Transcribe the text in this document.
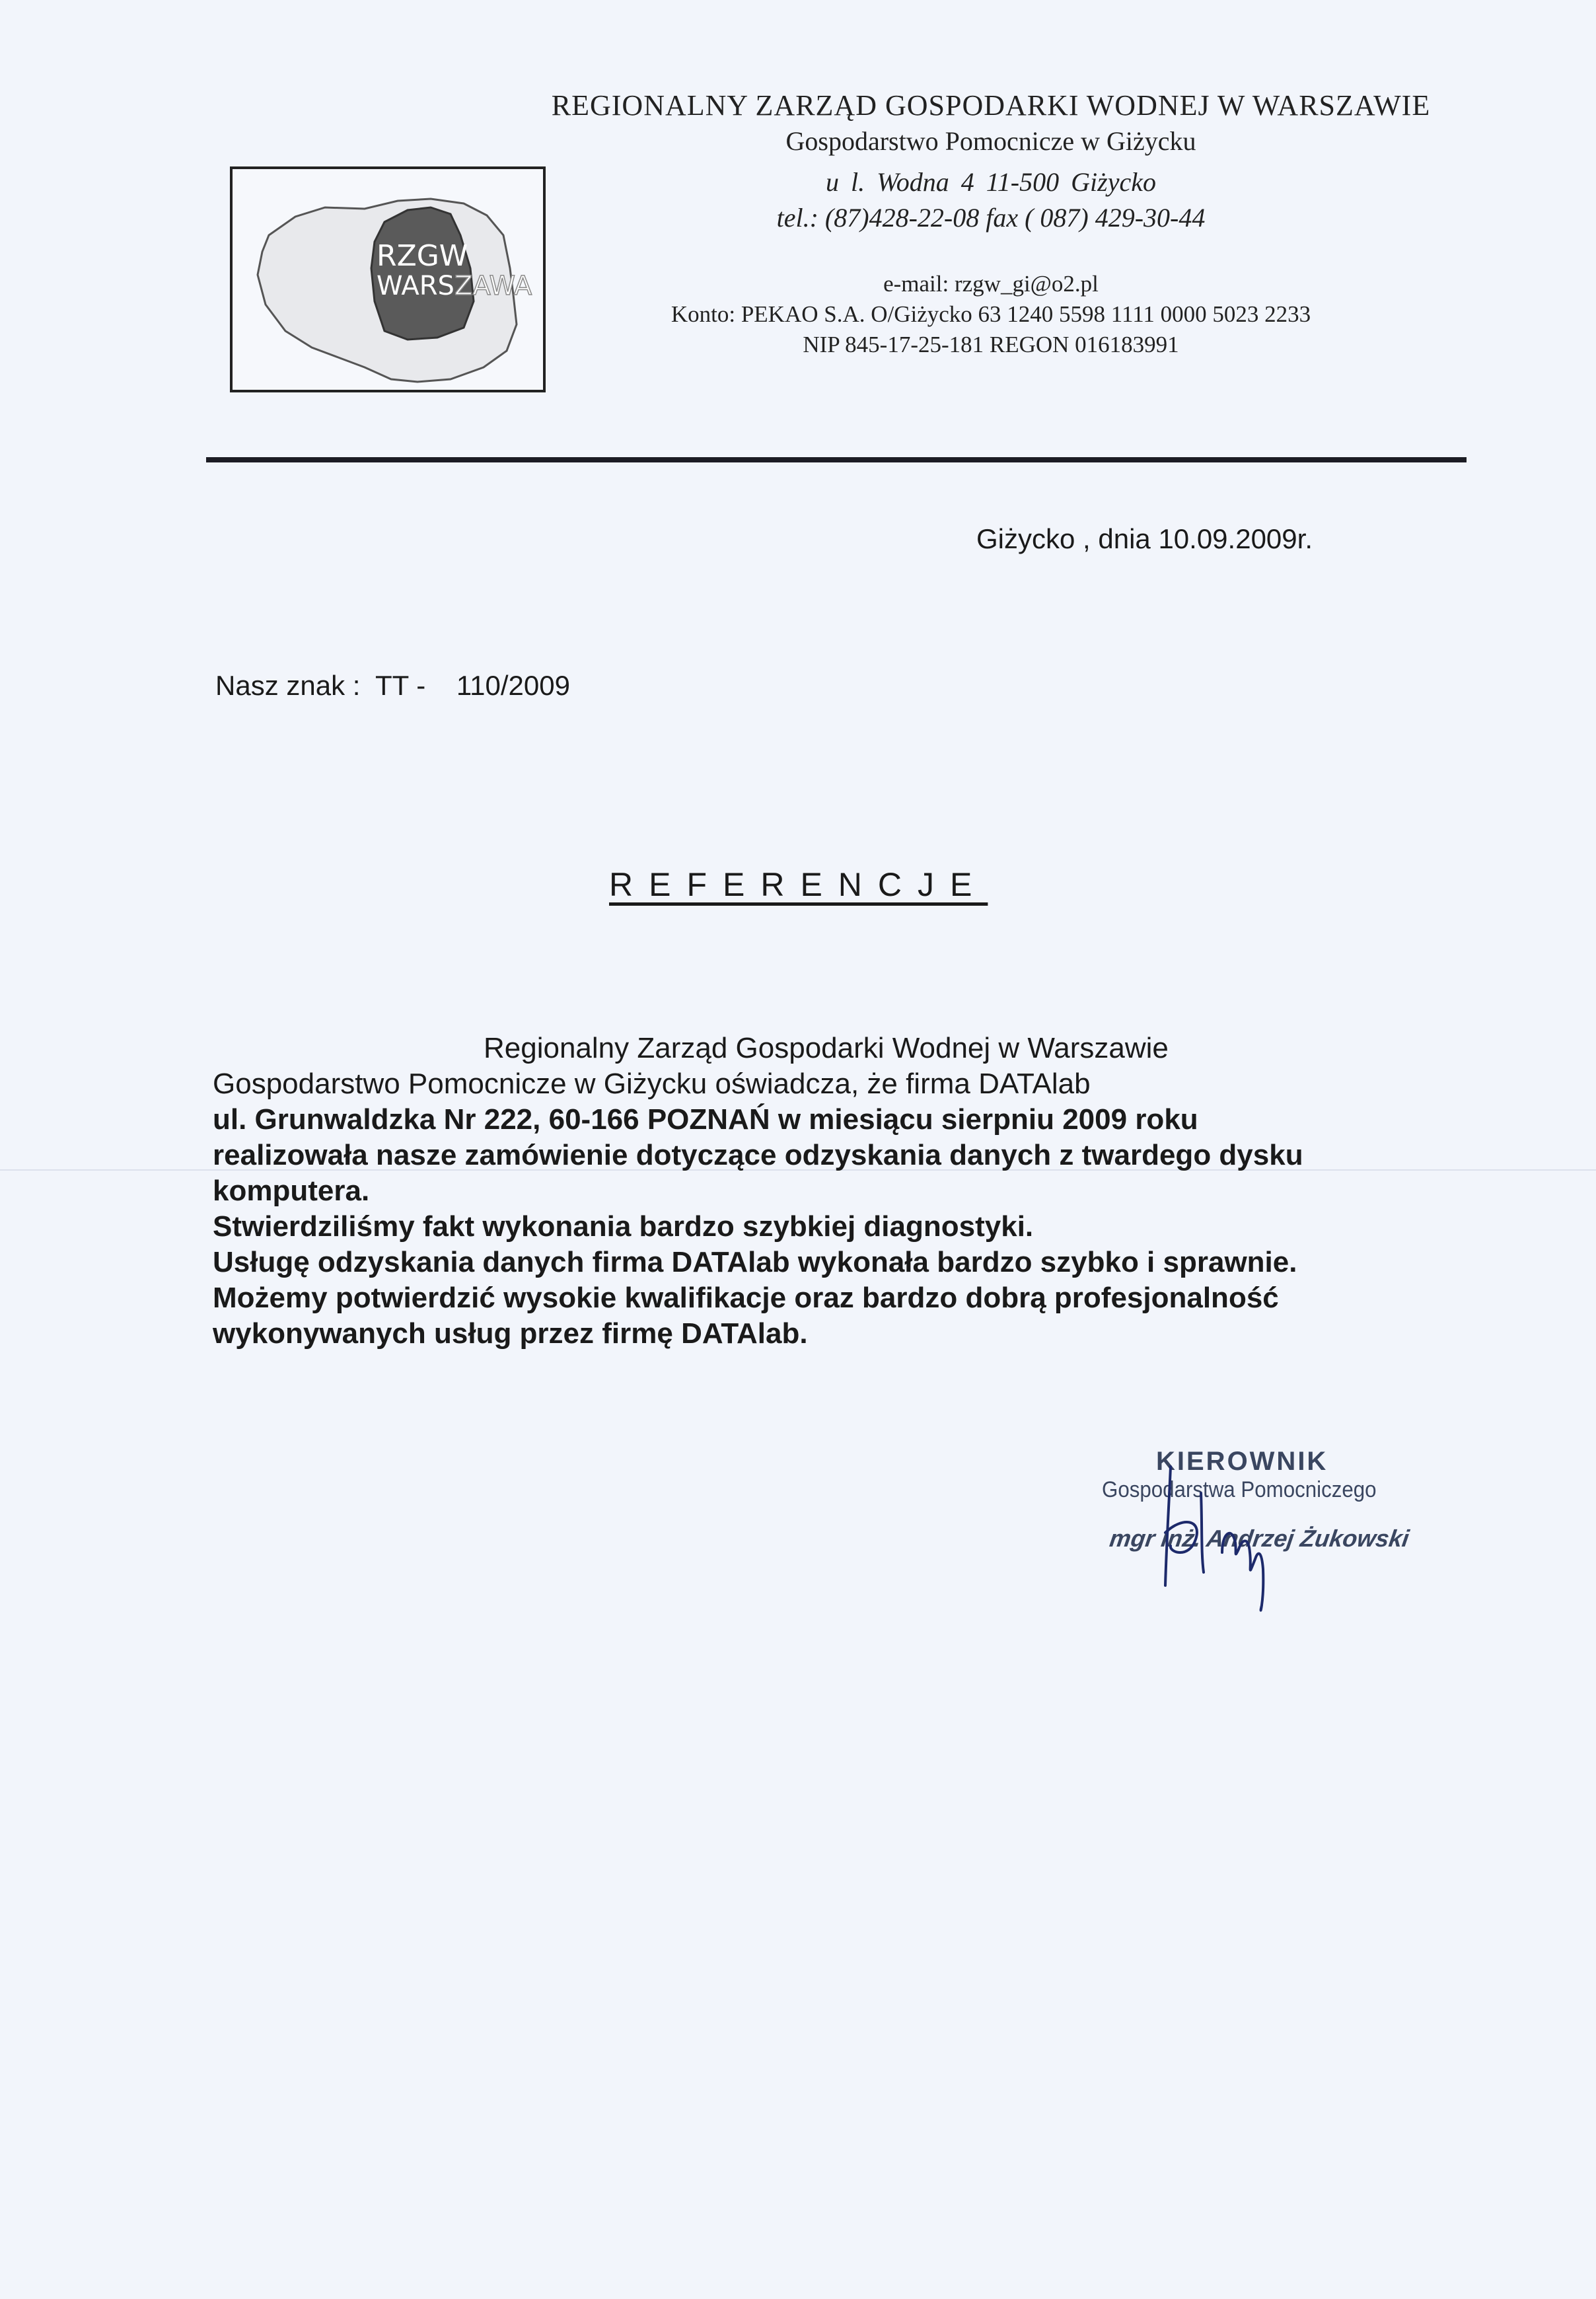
RZGW
WARSZAWA
REGIONALNY ZARZĄD GOSPODARKI WODNEJ W WARSZAWIE
Gospodarstwo Pomocnicze w Giżycku
u l. Wodna 4 11-500 Giżycko
tel.: (87)428-22-08 fax ( 087) 429-30-44
e-mail: rzgw_gi@o2.pl
Konto: PEKAO S.A. O/Giżycko 63 1240 5598 1111 0000 5023 2233
NIP 845-17-25-181 REGON 016183991
Giżycko , dnia 10.09.2009r.
Nasz znak :  TT -    110/2009
REFERENCJE
Regionalny Zarząd Gospodarki Wodnej w Warszawie
Gospodarstwo Pomocnicze w Giżycku oświadcza, że firma DATAlab
ul. Grunwaldzka Nr 222, 60-166 POZNAŃ w miesiącu sierpniu 2009 roku
realizowała nasze zamówienie dotyczące odzyskania danych z twardego dysku
komputera.
Stwierdziliśmy fakt wykonania bardzo szybkiej diagnostyki.
Usługę odzyskania danych firma DATAlab wykonała bardzo szybko i sprawnie.
Możemy potwierdzić wysokie kwalifikacje oraz bardzo dobrą profesjonalność
wykonywanych usług przez firmę DATAlab.
KIEROWNIK
Gospodarstwa Pomocniczego
mgr inż. Andrzej Żukowski
